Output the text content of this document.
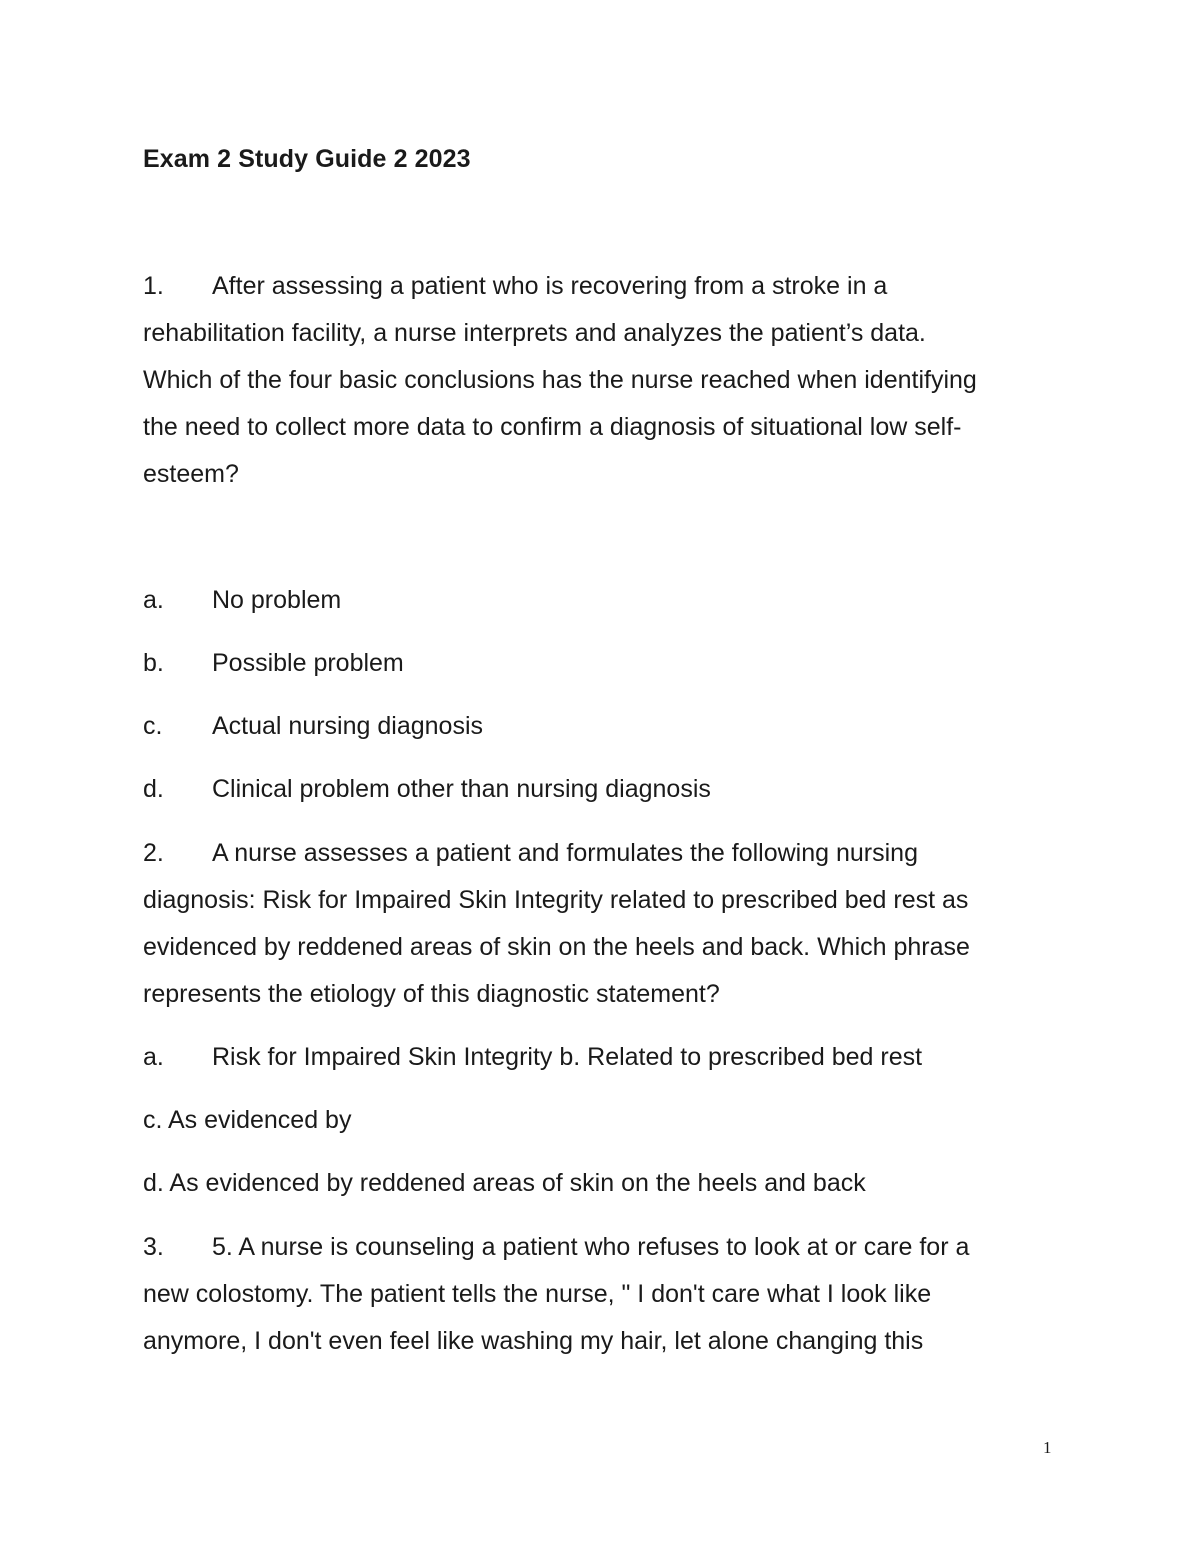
Exam 2 Study Guide 2 2023
1. After assessing a patient who is recovering from a stroke in a

rehabilitation facility, a nurse interprets and analyzes the patient’s data.

Which of the four basic conclusions has the nurse reached when identifying

the need to collect more data to confirm a diagnosis of situational low self-

esteem?

a. No problem
b. Possible problem
c. Actual nursing diagnosis
d. Clinical problem other than nursing diagnosis
2. A nurse assesses a patient and formulates the following nursing

diagnosis: Risk for Impaired Skin Integrity related to prescribed bed rest as

evidenced by reddened areas of skin on the heels and back. Which phrase

represents the etiology of this diagnostic statement?

a. Risk for Impaired Skin Integrity b. Related to prescribed bed rest

c. As evidenced by

d. As evidenced by reddened areas of skin on the heels and back

3. 5. A nurse is counseling a patient who refuses to look at or care for a

new colostomy. The patient tells the nurse, " I don't care what I look like

anymore, I don't even feel like washing my hair, let alone changing this

1
